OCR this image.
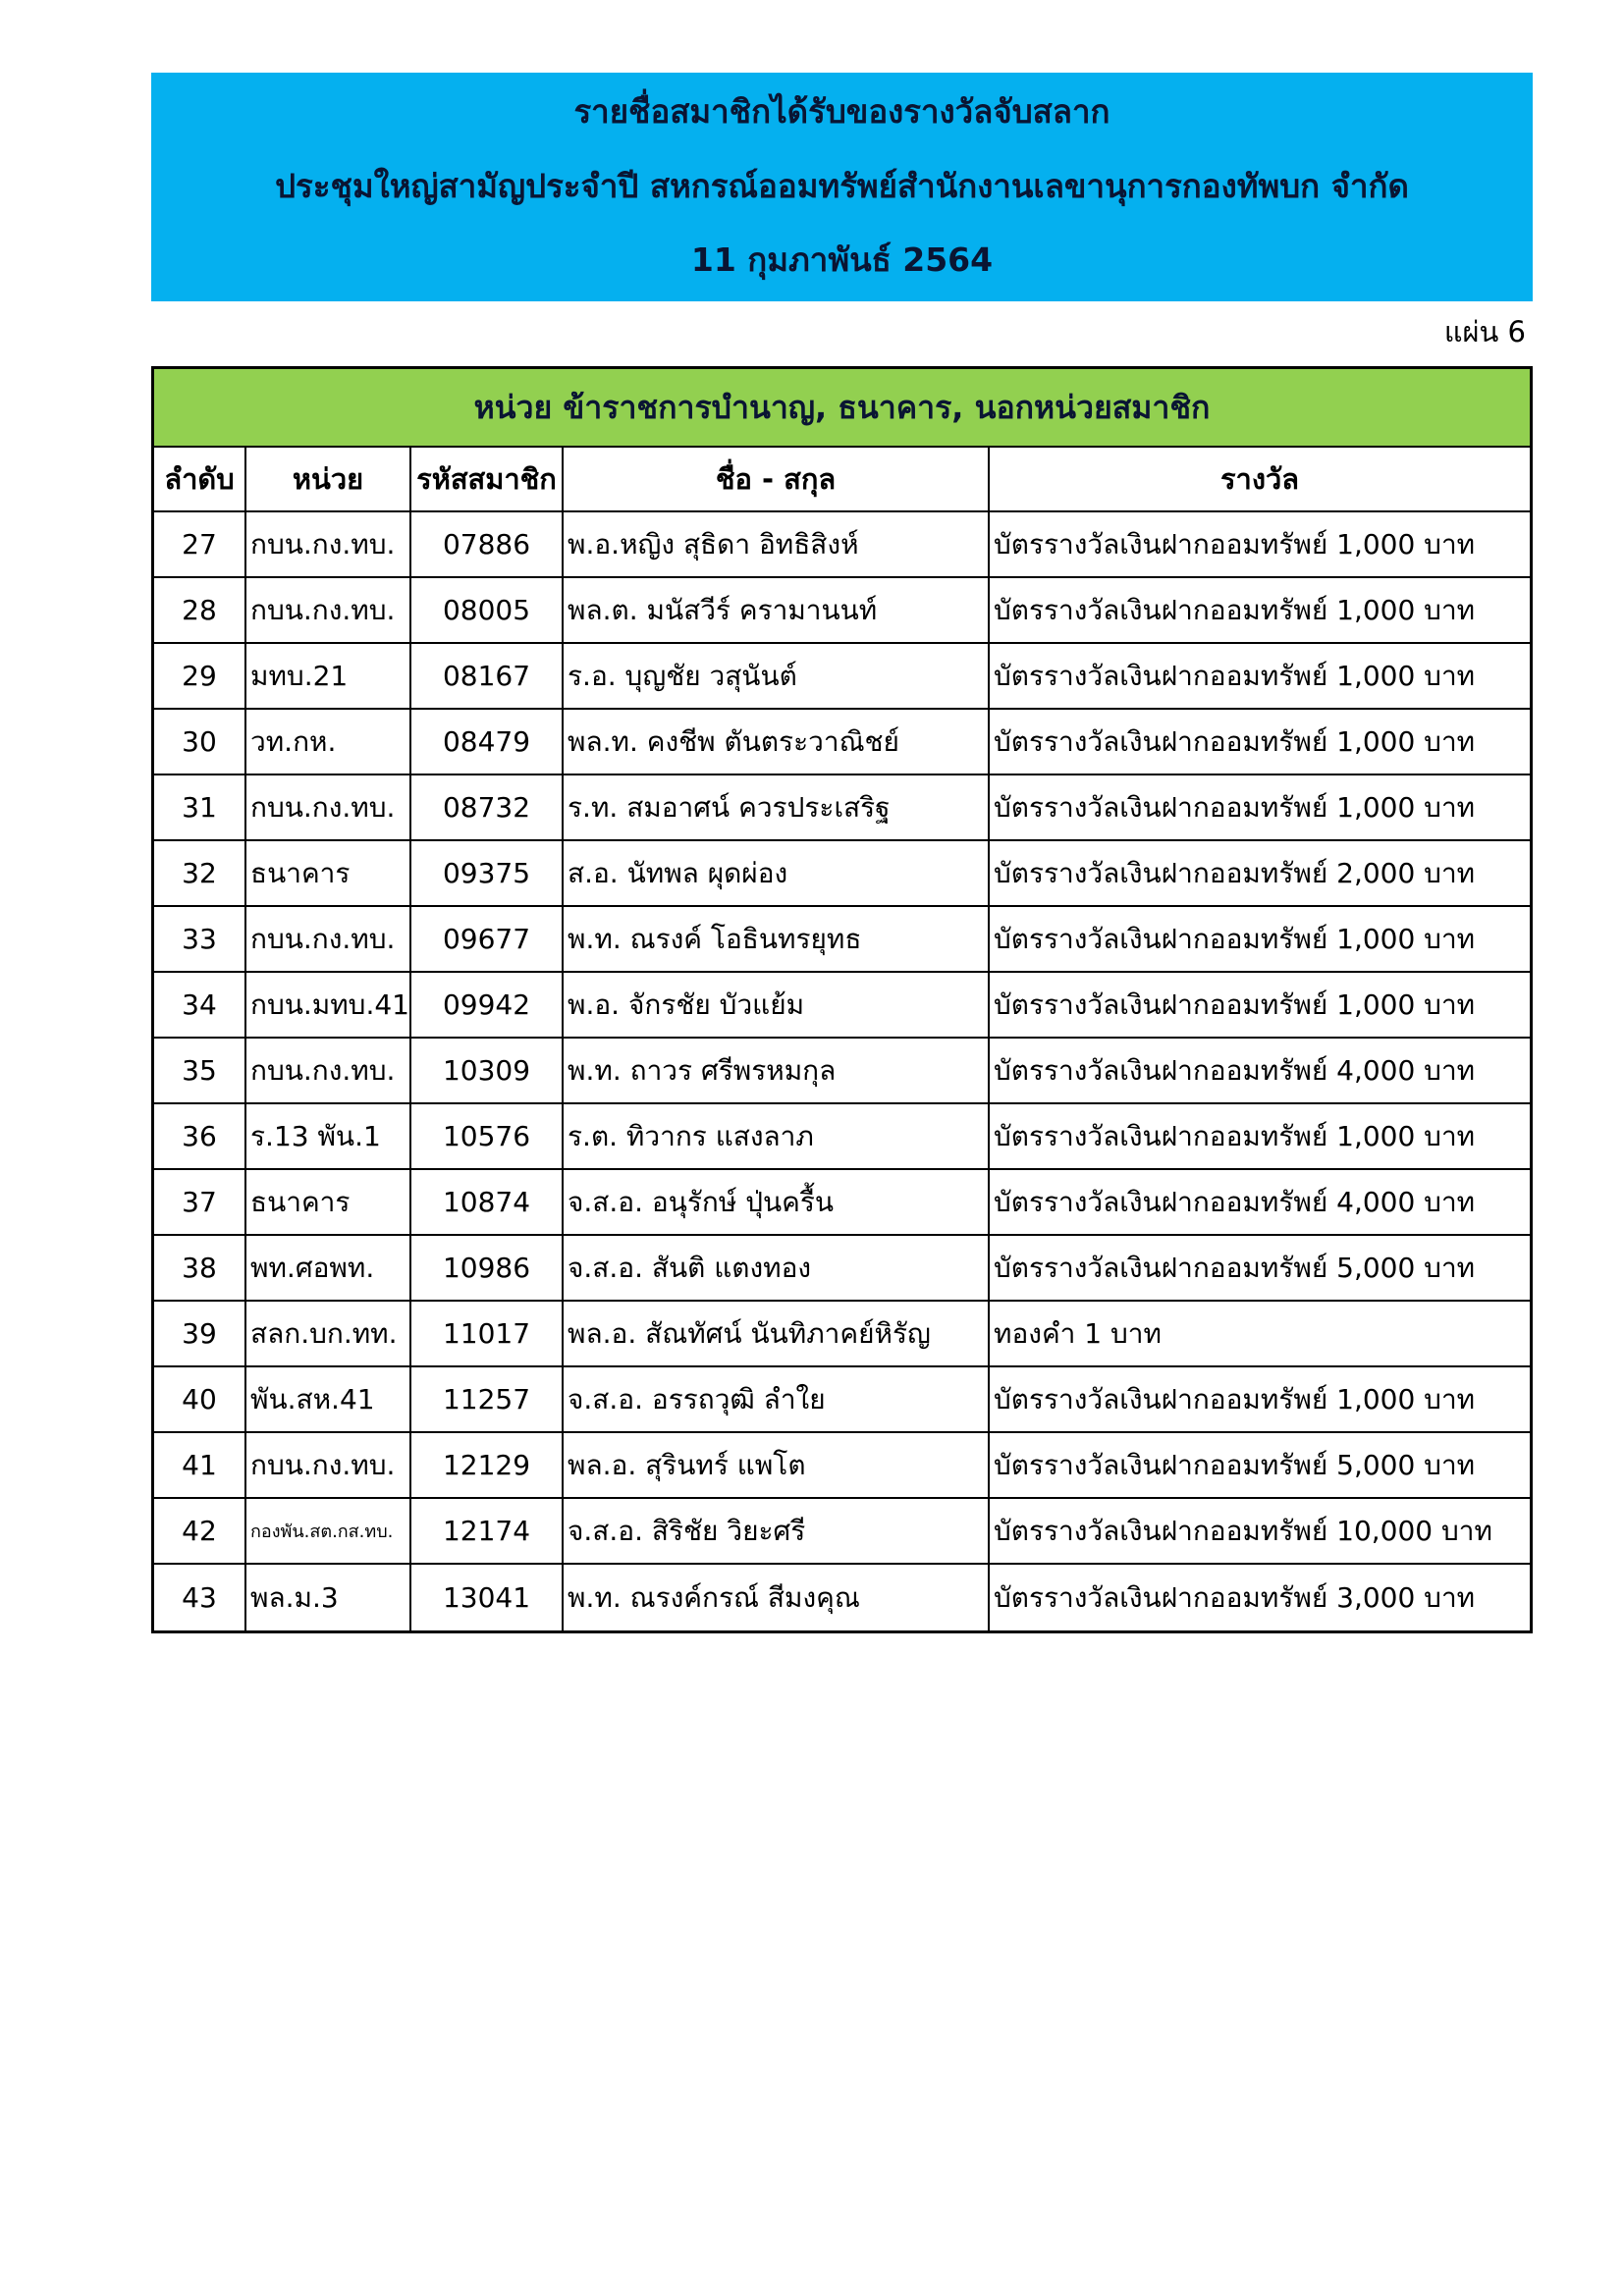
รายชื่อสมาชิกได้รับของรางวัลจับสลาก
ประชุมใหญ่สามัญประจำปี สหกรณ์ออมทรัพย์สำนักงานเลขานุการกองทัพบก จำกัด
11 กุมภาพันธ์ 2564
แผ่น 6
หน่วย ข้าราชการบำนาญ, ธนาคาร, นอกหน่วยสมาชิก
ลำดับ	หน่วย	รหัสสมาชิก	ชื่อ - สกุล	รางวัล
27	กบน.กง.ทบ.	07886	พ.อ.หญิง สุธิดา อิทธิสิงห์	บัตรรางวัลเงินฝากออมทรัพย์ 1,000 บาท
28	กบน.กง.ทบ.	08005	พล.ต. มนัสวีร์ ครามานนท์	บัตรรางวัลเงินฝากออมทรัพย์ 1,000 บาท
29	มทบ.21	08167	ร.อ. บุญชัย วสุนันต์	บัตรรางวัลเงินฝากออมทรัพย์ 1,000 บาท
30	วท.กห.	08479	พล.ท. คงชีพ ตันตระวาณิชย์	บัตรรางวัลเงินฝากออมทรัพย์ 1,000 บาท
31	กบน.กง.ทบ.	08732	ร.ท. สมอาศน์ ควรประเสริฐ	บัตรรางวัลเงินฝากออมทรัพย์ 1,000 บาท
32	ธนาคาร	09375	ส.อ. นัทพล ผุดผ่อง	บัตรรางวัลเงินฝากออมทรัพย์ 2,000 บาท
33	กบน.กง.ทบ.	09677	พ.ท. ณรงค์ โอธินทรยุทธ	บัตรรางวัลเงินฝากออมทรัพย์ 1,000 บาท
34	กบน.มทบ.41	09942	พ.อ. จักรชัย บัวแย้ม	บัตรรางวัลเงินฝากออมทรัพย์ 1,000 บาท
35	กบน.กง.ทบ.	10309	พ.ท. ถาวร ศรีพรหมกุล	บัตรรางวัลเงินฝากออมทรัพย์ 4,000 บาท
36	ร.13 พัน.1	10576	ร.ต. ทิวากร แสงลาภ	บัตรรางวัลเงินฝากออมทรัพย์ 1,000 บาท
37	ธนาคาร	10874	จ.ส.อ. อนุรักษ์ ปุ่นครื้น	บัตรรางวัลเงินฝากออมทรัพย์ 4,000 บาท
38	พท.ศอพท.	10986	จ.ส.อ. สันติ แตงทอง	บัตรรางวัลเงินฝากออมทรัพย์ 5,000 บาท
39	สลก.บก.ทท.	11017	พล.อ. สัณทัศน์ นันทิภาคย์หิรัญ	ทองคำ 1 บาท
40	พัน.สห.41	11257	จ.ส.อ. อรรถวุฒิ ลำใย	บัตรรางวัลเงินฝากออมทรัพย์ 1,000 บาท
41	กบน.กง.ทบ.	12129	พล.อ. สุรินทร์ แพโต	บัตรรางวัลเงินฝากออมทรัพย์ 5,000 บาท
42	กองพัน.สต.กส.ทบ.	12174	จ.ส.อ. สิริชัย วิยะศรี	บัตรรางวัลเงินฝากออมทรัพย์ 10,000 บาท
43	พล.ม.3	13041	พ.ท. ณรงค์กรณ์ สีมงคุณ	บัตรรางวัลเงินฝากออมทรัพย์ 3,000 บาท
